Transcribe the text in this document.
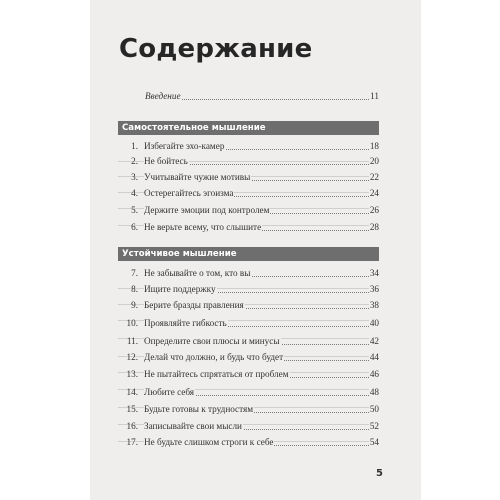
Содержание
Введение	11
Самостоятельное мышление
1. Избегайте эхо-камер	18
2. Не бойтесь	20
3. Учитывайте чужие мотивы	22
4. Остерегайтесь эгоизма	24
5. Держите эмоции под контролем	26
6. Не верьте всему, что слышите	28
Устойчивое мышление
7. Не забывайте о том, кто вы	34
8. Ищите поддержку	36
9. Берите бразды правления	38
10. Проявляйте гибкость	40
11. Определите свои плюсы и минусы	42
12. Делай что должно, и будь что будет	44
13. Не пытайтесь спрятаться от проблем	46
14. Любите себя	48
15. Будьте готовы к трудностям	50
16. Записывайте свои мысли	52
17. Не будьте слишком строги к себе	54
5
